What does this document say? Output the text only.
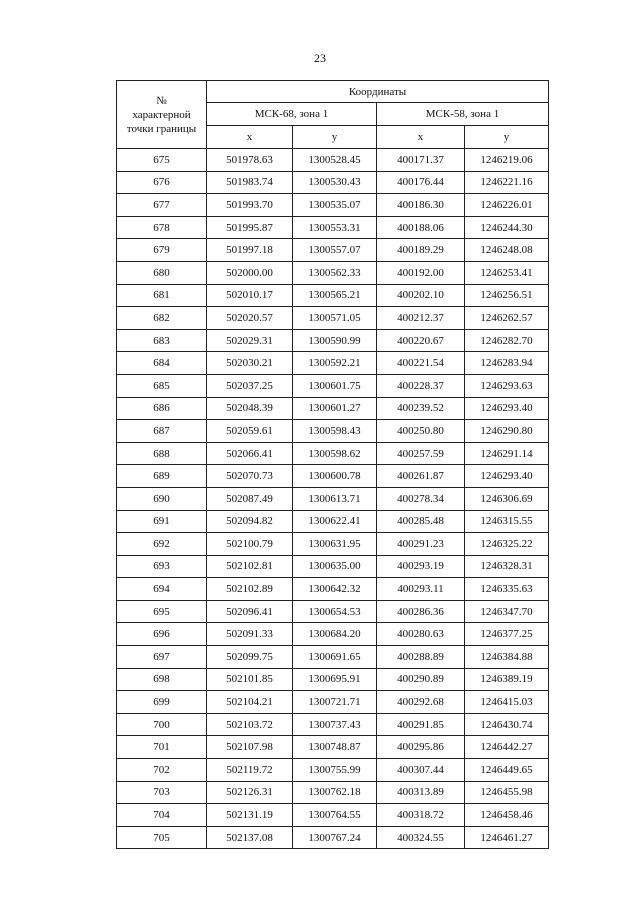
23
№
характерной
точки границы	Координаты			
	МСК-68, зона 1		МСК-58, зона 1	
	x	y	x	y
675	501978.63	1300528.45	400171.37	1246219.06
676	501983.74	1300530.43	400176.44	1246221.16
677	501993.70	1300535.07	400186.30	1246226.01
678	501995.87	1300553.31	400188.06	1246244.30
679	501997.18	1300557.07	400189.29	1246248.08
680	502000.00	1300562.33	400192.00	1246253.41
681	502010.17	1300565.21	400202.10	1246256.51
682	502020.57	1300571.05	400212.37	1246262.57
683	502029.31	1300590.99	400220.67	1246282.70
684	502030.21	1300592.21	400221.54	1246283.94
685	502037.25	1300601.75	400228.37	1246293.63
686	502048.39	1300601.27	400239.52	1246293.40
687	502059.61	1300598.43	400250.80	1246290.80
688	502066.41	1300598.62	400257.59	1246291.14
689	502070.73	1300600.78	400261.87	1246293.40
690	502087.49	1300613.71	400278.34	1246306.69
691	502094.82	1300622.41	400285.48	1246315.55
692	502100.79	1300631.95	400291.23	1246325.22
693	502102.81	1300635.00	400293.19	1246328.31
694	502102.89	1300642.32	400293.11	1246335.63
695	502096.41	1300654.53	400286.36	1246347.70
696	502091.33	1300684.20	400280.63	1246377.25
697	502099.75	1300691.65	400288.89	1246384.88
698	502101.85	1300695.91	400290.89	1246389.19
699	502104.21	1300721.71	400292.68	1246415.03
700	502103.72	1300737.43	400291.85	1246430.74
701	502107.98	1300748.87	400295.86	1246442.27
702	502119.72	1300755.99	400307.44	1246449.65
703	502126.31	1300762.18	400313.89	1246455.98
704	502131.19	1300764.55	400318.72	1246458.46
705	502137.08	1300767.24	400324.55	1246461.27
